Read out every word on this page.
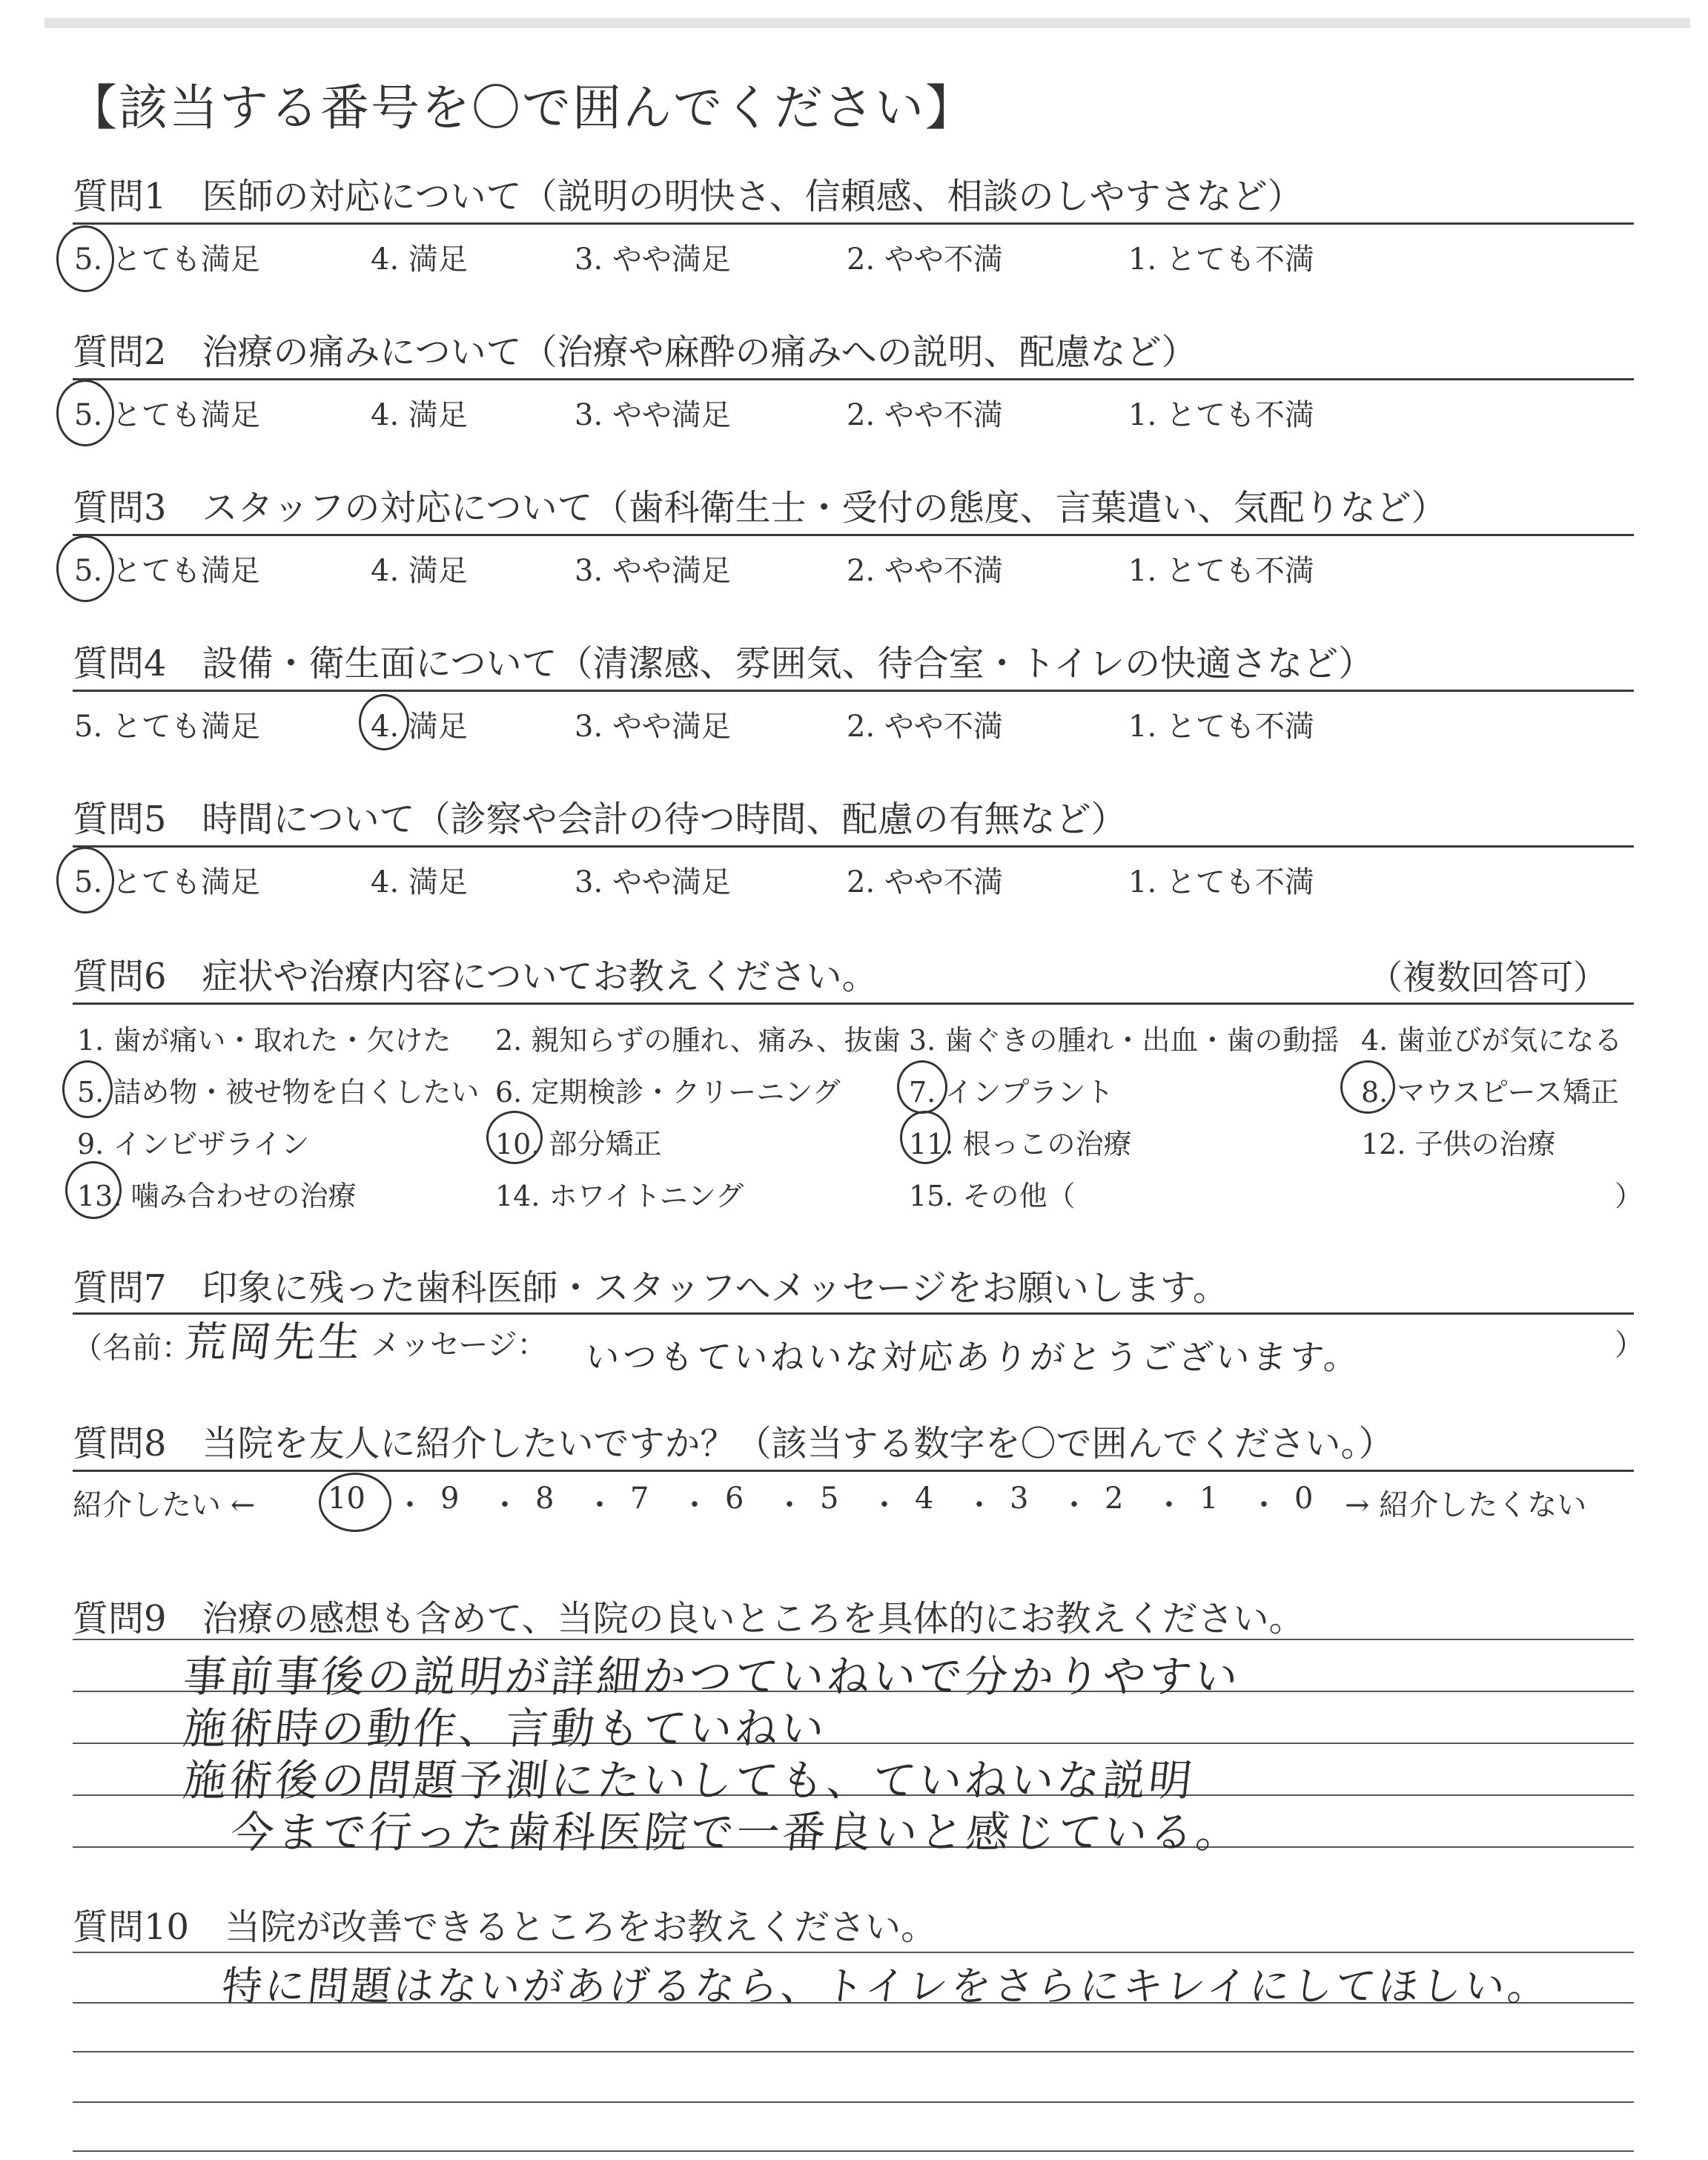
【該当する番号を〇で囲んでください】
質問1　医師の対応について（説明の明快さ、信頼感、相談のしやすさなど）
5. とても満足	4. 満足	3. やや満足	2. やや不満	1. とても不満
質問2　治療の痛みについて（治療や麻酔の痛みへの説明、配慮など）
5. とても満足	4. 満足	3. やや満足	2. やや不満	1. とても不満
質問3　スタッフの対応について（歯科衛生士・受付の態度、言葉遣い、気配りなど）
5. とても満足	4. 満足	3. やや満足	2. やや不満	1. とても不満
質問4　設備・衛生面について（清潔感、雰囲気、待合室・トイレの快適さなど）
5. とても満足	4. 満足	3. やや満足	2. やや不満	1. とても不満
質問5　時間について（診察や会計の待つ時間、配慮の有無など）
5. とても満足	4. 満足	3. やや満足	2. やや不満	1. とても不満
質問6　症状や治療内容についてお教えください。	（複数回答可）
1. 歯が痛い・取れた・欠けた 2. 親知らずの腫れ、痛み、抜歯 3. 歯ぐきの腫れ・出血・歯の動揺 4. 歯並びが気になる
5. 詰め物・被せ物を白くしたい 6. 定期検診・クリーニング 7. インプラント	8. マウスピース矯正
9. インビザライン	10. 部分矯正	11. 根っこの治療	12. 子供の治療
13. 噛み合わせの治療	14. ホワイトニング	15. その他（	）
質問7　印象に残った歯科医師・スタッフへメッセージをお願いします。
（名前：
荒岡先生 メッセージ： いつもていねいな対応ありがとうございます。	）
質問8　当院を友人に紹介したいですか？（該当する数字を〇で囲んでください。）
紹介したい ← 10 ・ 9 ・ 8 ・ 7 ・ 6 ・ 5 ・ 4 ・ 3 ・ 2 ・ 1 ・ 0 → 紹介したくない
質問9　治療の感想も含めて、当院の良いところを具体的にお教えください。
事前事後の説明が詳細かつていねいで分かりやすい
施術時の動作、言動もていねい
施術後の問題予測にたいしても、ていねいな説明
今まで行った歯科医院で一番良いと感じている。
質問10　当院が改善できるところをお教えください。
特に問題はないがあげるなら、トイレをさらにキレイにしてほしい。
